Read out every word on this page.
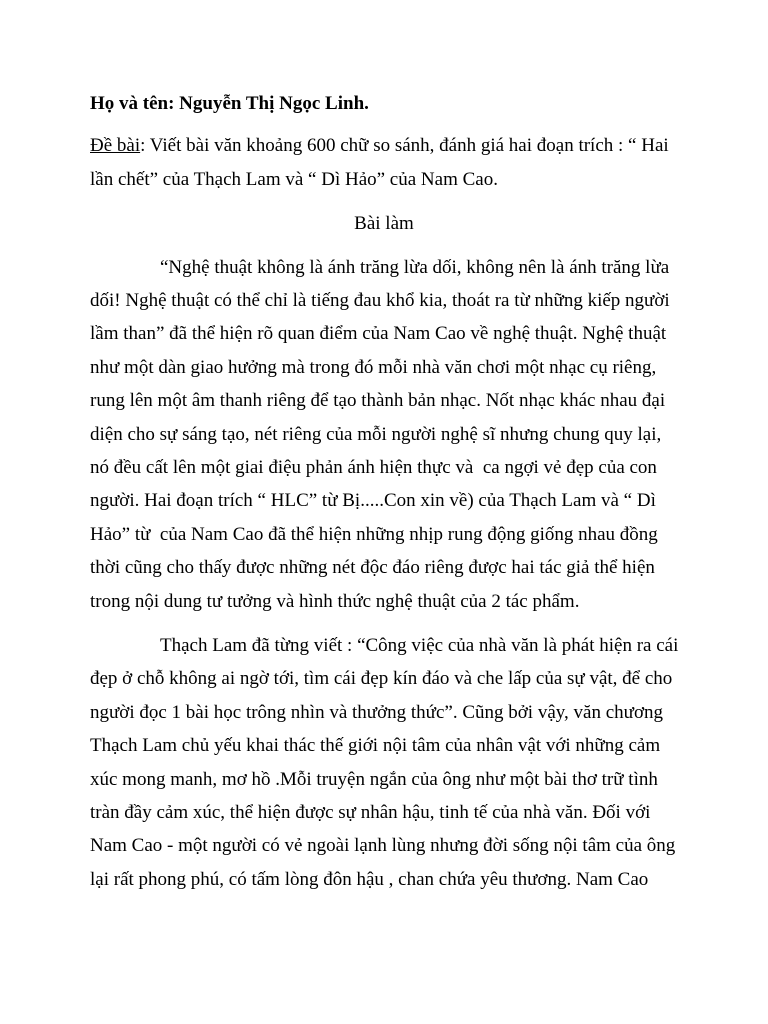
Họ và tên: Nguyễn Thị Ngọc Linh.
Đề bài: Viết bài văn khoảng 600 chữ so sánh, đánh giá hai đoạn trích : “ Hai
lần chết” của Thạch Lam và “ Dì Hảo” của Nam Cao.
Bài làm
“Nghệ thuật không là ánh trăng lừa dối, không nên là ánh trăng lừa
dối! Nghệ thuật có thể chỉ là tiếng đau khổ kia, thoát ra từ những kiếp người
lầm than” đã thể hiện rõ quan điểm của Nam Cao về nghệ thuật. Nghệ thuật
như một dàn giao hưởng mà trong đó mỗi nhà văn chơi một nhạc cụ riêng,
rung lên một âm thanh riêng để tạo thành bản nhạc. Nốt nhạc khác nhau đại
diện cho sự sáng tạo, nét riêng của mỗi người nghệ sĩ nhưng chung quy lại,
nó đều cất lên một giai điệu phản ánh hiện thực và  ca ngợi vẻ đẹp của con
người. Hai đoạn trích “ HLC” từ Bị.....Con xin về) của Thạch Lam và “ Dì
Hảo” từ  của Nam Cao đã thể hiện những nhịp rung động giống nhau đồng
thời cũng cho thấy được những nét độc đáo riêng được hai tác giả thể hiện
trong nội dung tư tưởng và hình thức nghệ thuật của 2 tác phẩm.
Thạch Lam đã từng viết : “Công việc của nhà văn là phát hiện ra cái
đẹp ở chỗ không ai ngờ tới, tìm cái đẹp kín đáo và che lấp của sự vật, để cho
người đọc 1 bài học trông nhìn và thưởng thức”. Cũng bởi vậy, văn chương
Thạch Lam chủ yếu khai thác thế giới nội tâm của nhân vật với những cảm
xúc mong manh, mơ hồ .Mỗi truyện ngắn của ông như một bài thơ trữ tình
tràn đầy cảm xúc, thể hiện được sự nhân hậu, tinh tế của nhà văn. Đối với
Nam Cao - một người có vẻ ngoài lạnh lùng nhưng đời sống nội tâm của ông
lại rất phong phú, có tấm lòng đôn hậu , chan chứa yêu thương. Nam Cao
